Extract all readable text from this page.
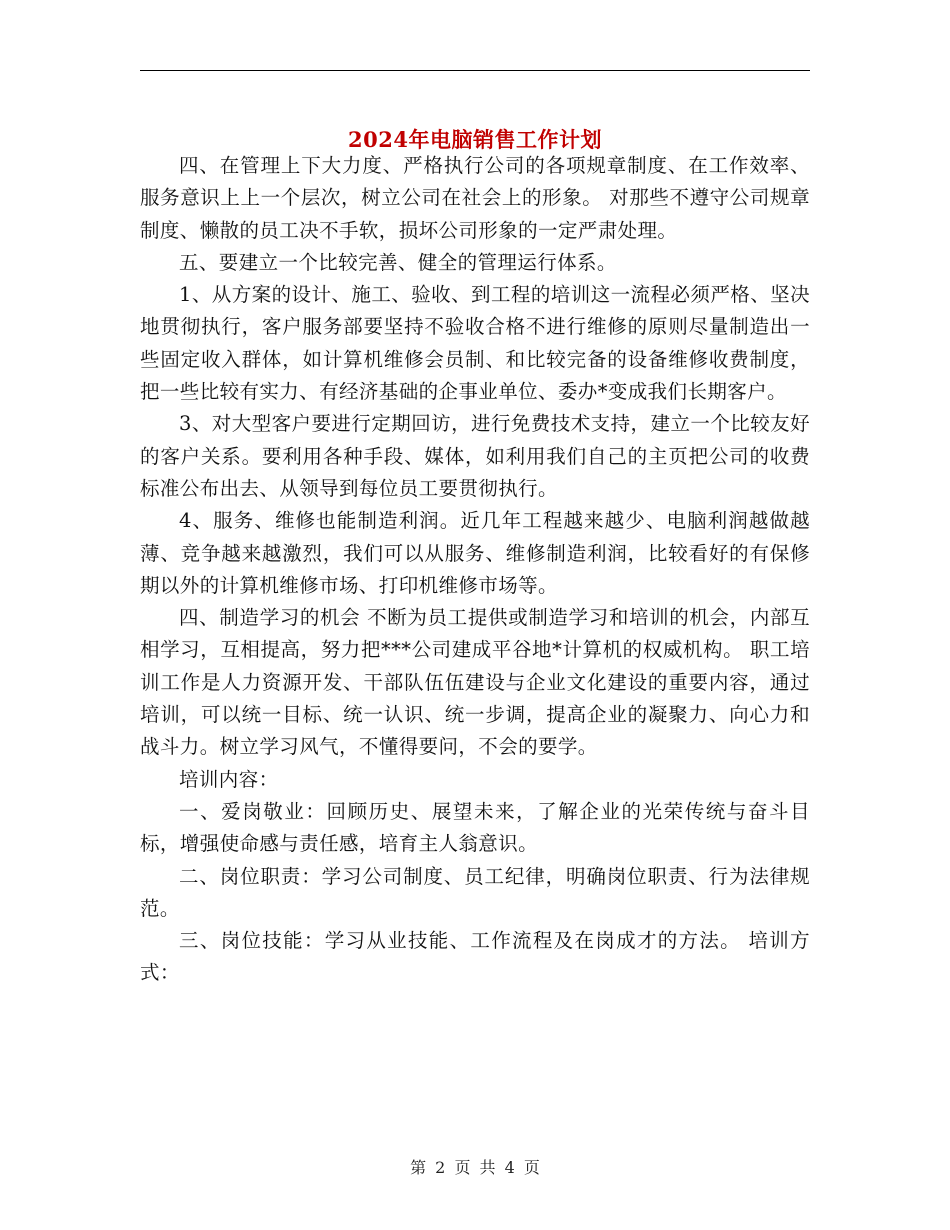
2024年电脑销售工作计划

四、在管理上下大力度、严格执行公司的各项规章制度、在工作效率、服务意识上上一个层次，树立公司在社会上的形象。 对那些不遵守公司规章制度、懒散的员工决不手软，损坏公司形象的一定严肃处理。

五、要建立一个比较完善、健全的管理运行体系。

1、从方案的设计、施工、验收、到工程的培训这一流程必须严格、坚决地贯彻执行，客户服务部要坚持不验收合格不进行维修的原则尽量制造出一些固定收入群体，如计算机维修会员制、和比较完备的设备维修收费制度，把一些比较有实力、有经济基础的企事业单位、委办*变成我们长期客户。

3、对大型客户要进行定期回访，进行免费技术支持，建立一个比较友好的客户关系。要利用各种手段、媒体，如利用我们自己的主页把公司的收费标准公布出去、从领导到每位员工要贯彻执行。

4、服务、维修也能制造利润。近几年工程越来越少、电脑利润越做越薄、竞争越来越激烈，我们可以从服务、维修制造利润，比较看好的有保修期以外的计算机维修市场、打印机维修市场等。

四、制造学习的机会 不断为员工提供或制造学习和培训的机会，内部互相学习，互相提高，努力把***公司建成平谷地*计算机的权威机构。 职工培训工作是人力资源开发、干部队伍伍建设与企业文化建设的重要内容，通过培训，可以统一目标、统一认识、统一步调，提高企业的凝聚力、向心力和战斗力。树立学习风气，不懂得要问，不会的要学。

培训内容：

一、爱岗敬业：回顾历史、展望未来，了解企业的光荣传统与奋斗目标，增强使命感与责任感，培育主人翁意识。

二、岗位职责：学习公司制度、员工纪律，明确岗位职责、行为法律规范。

三、岗位技能：学习从业技能、工作流程及在岗成才的方法。 培训方式：

第 2 页 共 4 页
